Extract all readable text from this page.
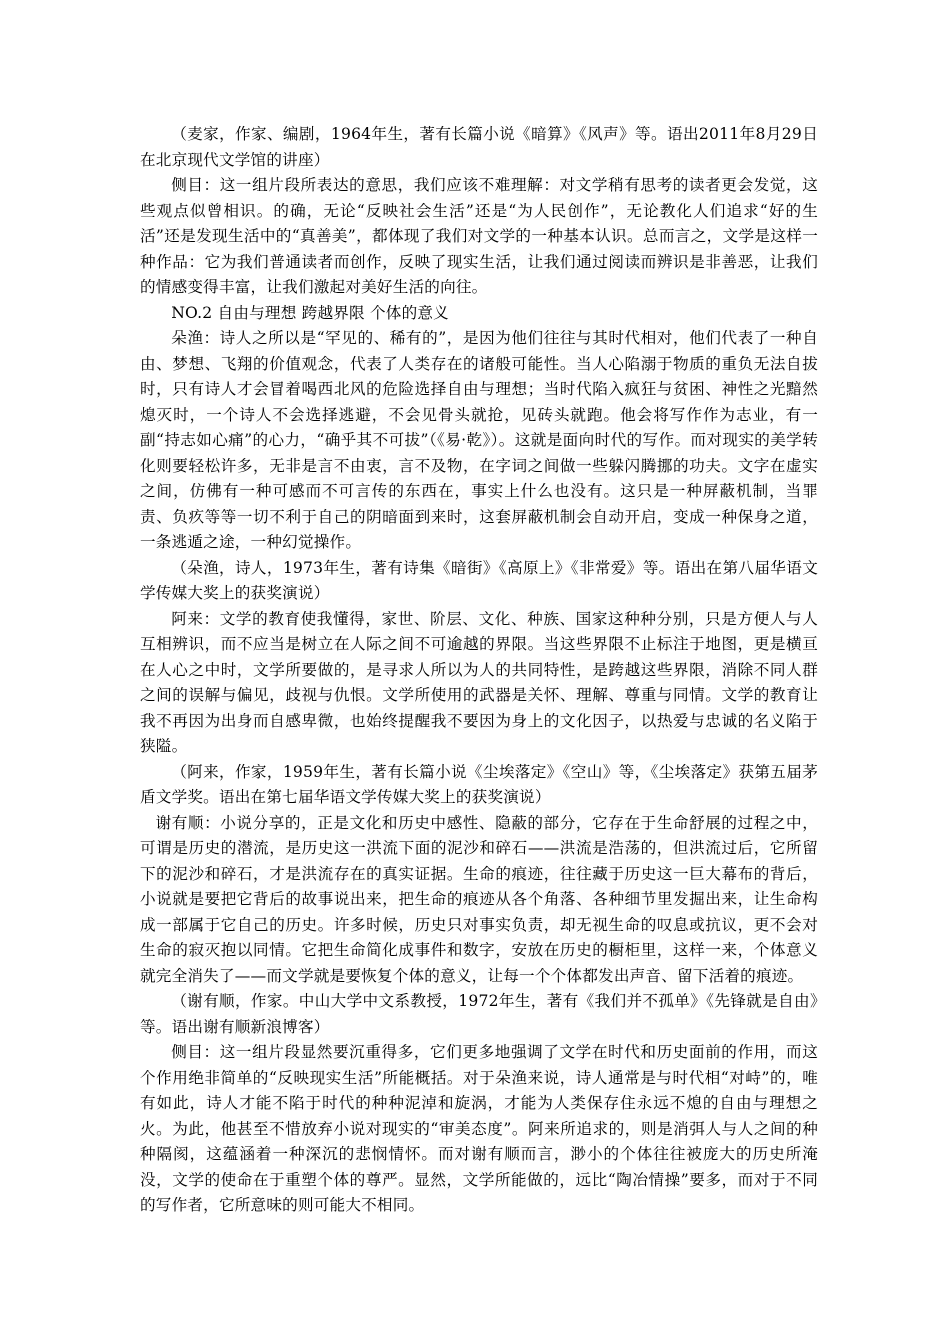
（麦家，作家、编剧，1964年生，著有长篇小说《暗算》《风声》等。语出2011年8月29日在北京现代文学馆的讲座）

侧目：这一组片段所表达的意思，我们应该不难理解：对文学稍有思考的读者更会发觉，这些观点似曾相识。的确，无论“反映社会生活”还是“为人民创作”，无论教化人们追求“好的生活”还是发现生活中的“真善美”，都体现了我们对文学的一种基本认识。总而言之，文学是这样一种作品：它为我们普通读者而创作，反映了现实生活，让我们通过阅读而辨识是非善恶，让我们的情感变得丰富，让我们激起对美好生活的向往。

NO.2 自由与理想 跨越界限 个体的意义

朵渔：诗人之所以是“罕见的、稀有的”，是因为他们往往与其时代相对，他们代表了一种自由、梦想、飞翔的价值观念，代表了人类存在的诸般可能性。当人心陷溺于物质的重负无法自拔时，只有诗人才会冒着喝西北风的危险选择自由与理想；当时代陷入疯狂与贫困、神性之光黯然熄灭时，一个诗人不会选择逃避，不会见骨头就抢，见砖头就跑。他会将写作作为志业，有一副“持志如心痛”的心力，“确乎其不可拔”（《易·乾》）。这就是面向时代的写作。而对现实的美学转化则要轻松许多，无非是言不由衷，言不及物，在字词之间做一些躲闪腾挪的功夫。文字在虚实之间，仿佛有一种可感而不可言传的东西在，事实上什么也没有。这只是一种屏蔽机制，当罪责、负疚等等一切不利于自己的阴暗面到来时，这套屏蔽机制会自动开启，变成一种保身之道，一条逃遁之途，一种幻觉操作。

（朵渔，诗人，1973年生，著有诗集《暗街》《高原上》《非常爱》等。语出在第八届华语文学传媒大奖上的获奖演说）

阿来：文学的教育使我懂得，家世、阶层、文化、种族、国家这种种分别，只是方便人与人互相辨识，而不应当是树立在人际之间不可逾越的界限。当这些界限不止标注于地图，更是横亘在人心之中时，文学所要做的，是寻求人所以为人的共同特性，是跨越这些界限，消除不同人群之间的误解与偏见，歧视与仇恨。文学所使用的武器是关怀、理解、尊重与同情。文学的教育让我不再因为出身而自感卑微，也始终提醒我不要因为身上的文化因子，以热爱与忠诚的名义陷于狭隘。

（阿来，作家，1959年生，著有长篇小说《尘埃落定》《空山》等，《尘埃落定》获第五届茅盾文学奖。语出在第七届华语文学传媒大奖上的获奖演说）

谢有顺：小说分享的，正是文化和历史中感性、隐蔽的部分，它存在于生命舒展的过程之中，可谓是历史的潜流，是历史这一洪流下面的泥沙和碎石——洪流是浩荡的，但洪流过后，它所留下的泥沙和碎石，才是洪流存在的真实证据。生命的痕迹，往往藏于历史这一巨大幕布的背后，小说就是要把它背后的故事说出来，把生命的痕迹从各个角落、各种细节里发掘出来，让生命构成一部属于它自己的历史。许多时候，历史只对事实负责，却无视生命的叹息或抗议，更不会对生命的寂灭抱以同情。它把生命简化成事件和数字，安放在历史的橱柜里，这样一来，个体意义就完全消失了——而文学就是要恢复个体的意义，让每一个个体都发出声音、留下活着的痕迹。

（谢有顺，作家。中山大学中文系教授，1972年生，著有《我们并不孤单》《先锋就是自由》等。语出谢有顺新浪博客）

侧目：这一组片段显然要沉重得多，它们更多地强调了文学在时代和历史面前的作用，而这个作用绝非简单的“反映现实生活”所能概括。对于朵渔来说，诗人通常是与时代相“对峙”的，唯有如此，诗人才能不陷于时代的种种泥淖和旋涡，才能为人类保存住永远不熄的自由与理想之火。为此，他甚至不惜放弃小说对现实的“审美态度”。阿来所追求的，则是消弭人与人之间的种种隔阂，这蕴涵着一种深沉的悲悯情怀。而对谢有顺而言，渺小的个体往往被庞大的历史所淹没，文学的使命在于重塑个体的尊严。显然，文学所能做的，远比“陶冶情操”要多，而对于不同的写作者，它所意味的则可能大不相同。
